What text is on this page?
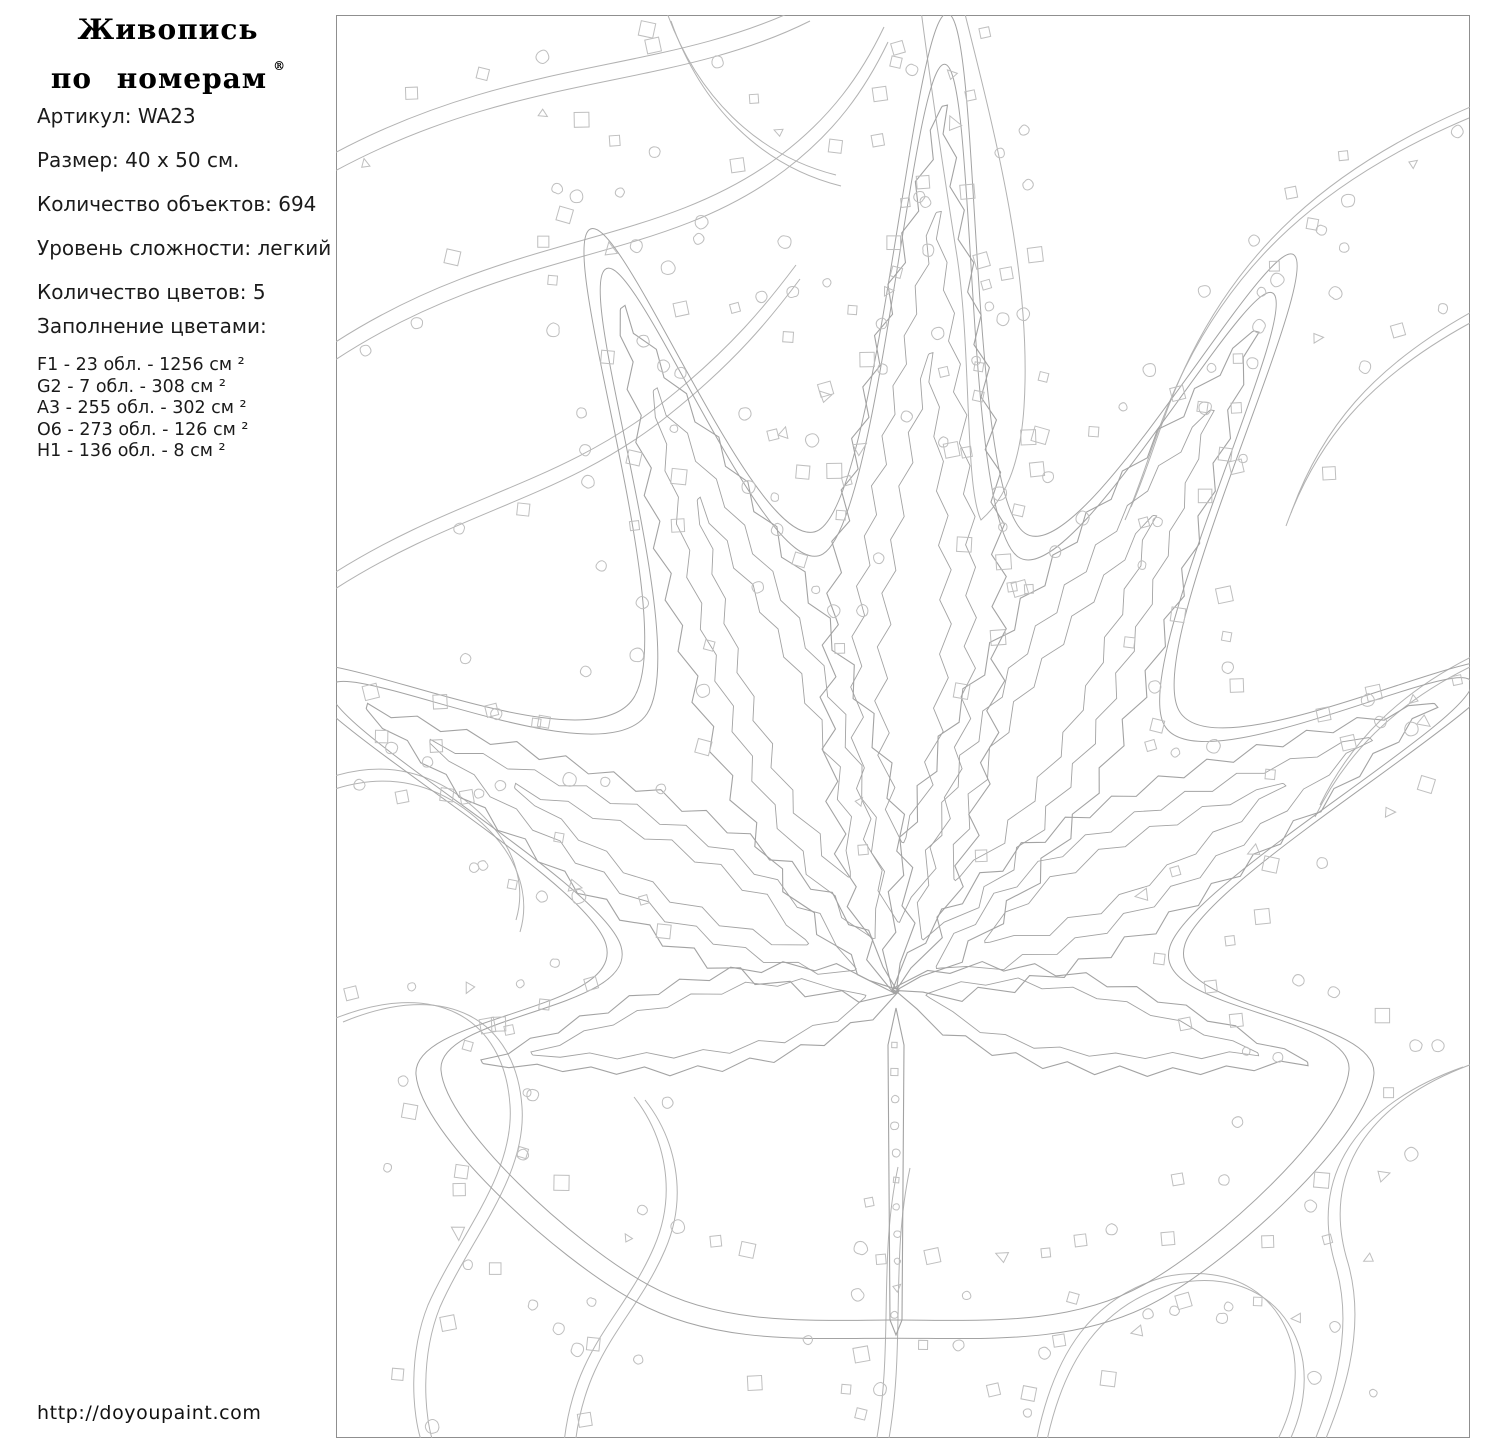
Живопись
по номерам ®
Артикул: WA23
Размер: 40 x 50 см.
Количество объектов: 694
Уровень сложности: легкий
Количество цветов: 5
Заполнение цветами:
F1 - 23 обл. - 1256 см ²
G2 - 7 обл. - 308 см ²
A3 - 255 обл. - 302 см ²
O6 - 273 обл. - 126 см ²
H1 - 136 обл. - 8 см ²
http://doyoupaint.com
